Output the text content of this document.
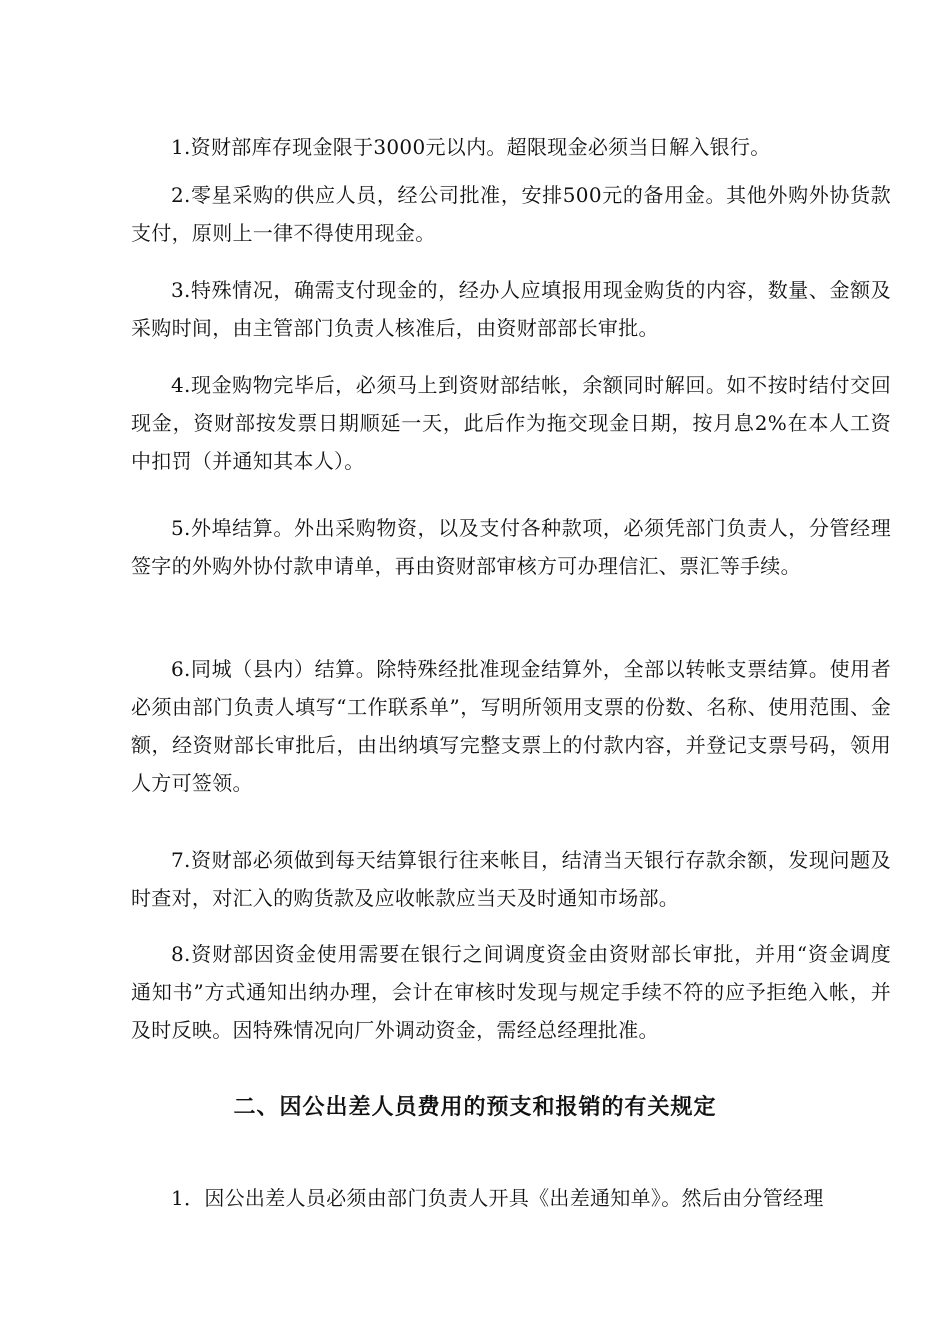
1.资财部库存现金限于3000元以内。超限现金必须当日解入银行。

2.零星采购的供应人员，经公司批准，安排500元的备用金。其他外购外协货款支付，原则上一律不得使用现金。

3.特殊情况，确需支付现金的，经办人应填报用现金购货的内容，数量、金额及采购时间，由主管部门负责人核准后，由资财部部长审批。

4.现金购物完毕后，必须马上到资财部结帐，余额同时解回。如不按时结付交回现金，资财部按发票日期顺延一天，此后作为拖交现金日期，按月息2%在本人工资中扣罚（并通知其本人）。

5.外埠结算。外出采购物资，以及支付各种款项，必须凭部门负责人，分管经理签字的外购外协付款申请单，再由资财部审核方可办理信汇、票汇等手续。

6.同城（县内）结算。除特殊经批准现金结算外，全部以转帐支票结算。使用者必须由部门负责人填写“工作联系单”，写明所领用支票的份数、名称、使用范围、金额，经资财部长审批后，由出纳填写完整支票上的付款内容，并登记支票号码，领用人方可签领。

7.资财部必须做到每天结算银行往来帐目，结清当天银行存款余额，发现问题及时查对，对汇入的购货款及应收帐款应当天及时通知市场部。

8.资财部因资金使用需要在银行之间调度资金由资财部长审批，并用“资金调度通知书”方式通知出纳办理，会计在审核时发现与规定手续不符的应予拒绝入帐，并及时反映。因特殊情况向厂外调动资金，需经总经理批准。

二、因公出差人员费用的预支和报销的有关规定

1．因公出差人员必须由部门负责人开具《出差通知单》。然后由分管经理
